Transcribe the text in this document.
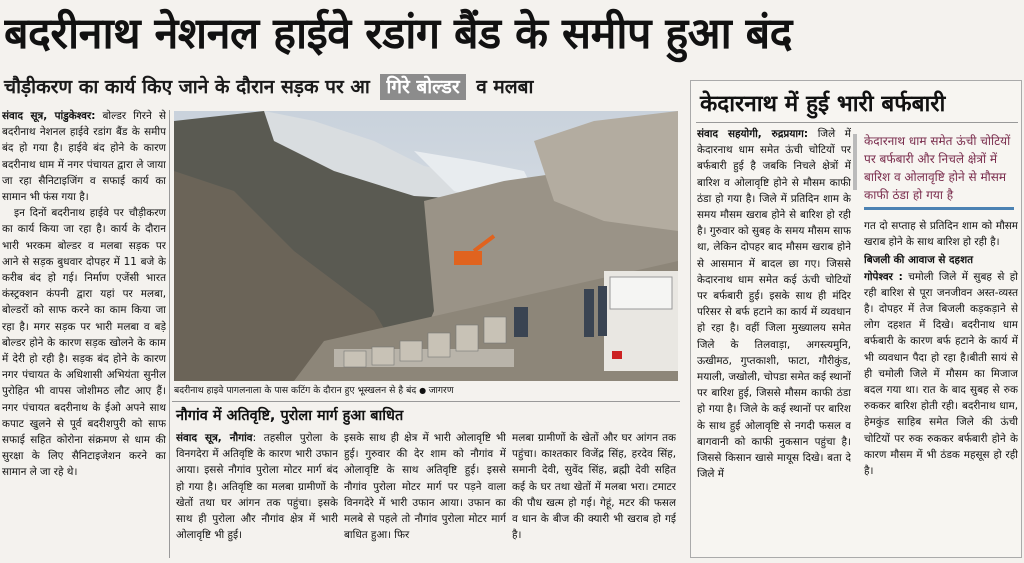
बदरीनाथ नेशनल हाईवे रडांग बैंड के समीप हुआ बंद
चौड़ीकरण का कार्य किए जाने के दौरान सड़क पर आ गिरे बोल्डर व मलबा

संवाद सूत्र, पांडुकेश्वर: बोल्डर गिरने से बदरीनाथ नेशनल हाईवे रडांग बैंड के समीप बंद हो गया है। हाईवे बंद होने के कारण बदरीनाथ धाम में नगर पंचायत द्वारा ले जाया जा रहा सैनिटाइजिंग व सफाई कार्य का सामान भी फंस गया है।

इन दिनों बदरीनाथ हाईवे पर चौड़ीकरण का कार्य किया जा रहा है। कार्य के दौरान भारी भरकम बोल्डर व मलबा सड़क पर आने से सड़क बुधवार दोपहर में 11 बजे के करीब बंद हो गई। निर्माण एजेंसी भारत कंस्ट्रक्शन कंपनी द्वारा यहां पर मलबा, बोल्डरों को साफ करने का काम किया जा रहा है। मगर सड़क पर भारी मलबा व बड़े बोल्डर होने के कारण सड़क खोलने के काम में देरी हो रही है। सड़क बंद होने के कारण नगर पंचायत के अधिशासी अभियंता सुनील पुरोहित भी वापस जोशीमठ लौट आए हैं। नगर पंचायत बदरीनाथ के ईओ अपने साथ कपाट खुलने से पूर्व बदरीशपुरी को साफ सफाई सहित कोरोना संक्रमण से धाम की सुरक्षा के लिए सैनिटाइजेशन करने का सामान ले जा रहे थे।

बदरीनाथ हाइवे पागलनाला के पास कटिंग के दौरान हुए भूस्खलन से है बंद ● जागरण
नौगांव में अतिवृष्टि, पुरोला मार्ग हुआ बाधित

संवाद सूत्र, नौगांव: तहसील पुरोला के विनगदेरा में अतिवृष्टि के कारण भारी उफान आया। इससे नौगांव पुरोला मोटर मार्ग बंद हो गया है। अतिवृष्टि का मलबा ग्रामीणों के खेतों तथा घर आंगन तक पहुंचा। इसके साथ ही पुरोला और नौगांव क्षेत्र में भारी ओलावृष्टि भी हुई।

इसके साथ ही क्षेत्र में भारी ओलावृष्टि भी हुई। गुरुवार की देर शाम को नौगांव में ओलावृष्टि के साथ अतिवृष्टि हुई। इससे नौगांव पुरोला मोटर मार्ग पर पड़ने वाला विनगदेरे में भारी उफान आया। उफान का मलबे से पहले तो नौगांव पुरोला मोटर मार्ग बाधित हुआ। फिर

मलबा ग्रामीणों के खेतों और घर आंगन तक पहुंचा। काश्तकार विजेंद्र सिंह, हरदेव सिंह, समानी देवी, सुवेंद सिंह, ब्रह्मी देवी सहित कई के घर तथा खेतों में मलबा भरा। टमाटर की पौध खत्म हो गई। गेहूं, मटर की फसल व धान के बीज की क्यारी भी खराब हो गई है।

केदारनाथ में हुई भारी बर्फबारी

संवाद सहयोगी, रुद्रप्रयाग: जिले में केदारनाथ धाम समेत ऊंची चोटियों पर बर्फबारी हुई है जबकि निचले क्षेत्रों में बारिश व ओलावृष्टि होने से मौसम काफी ठंडा हो गया है। जिले में प्रतिदिन शाम के समय मौसम खराब होने से बारिश हो रही है। गुरुवार को सुबह के समय मौसम साफ था, लेकिन दोपहर बाद मौसम खराब होने से आसमान में बादल छा गए। जिससे केदारनाथ धाम समेत कई ऊंची चोटियों पर बर्फबारी हुई। इसके साथ ही मंदिर परिसर से बर्फ हटाने का कार्य में व्यवधान हो रहा है। वहीं जिला मुख्यालय समेत जिले के तिलवाड़ा, अगस्त्यमुनि, ऊखीमठ, गुप्तकाशी, फाटा, गौरीकुंड, मयाली, जखोली, चोपडा समेत कई स्थानों पर बारिश हुई, जिससे मौसम काफी ठंडा हो गया है। जिले के कई स्थानों पर बारिश के साथ हुई ओलावृष्टि से नगदी फसल व बागवानी को काफी नुकसान पहुंचा है। जिससे किसान खासे मायूस दिखे। बता दे जिले में

केदारनाथ धाम समेत ऊंची चोटियों पर बर्फबारी और निचले क्षेत्रों में बारिश व ओलावृष्टि होने से मौसम काफी ठंडा हो गया है

गत दो सप्ताह से प्रतिदिन शाम को मौसम खराब होने के साथ बारिश हो रही है।

बिजली की आवाज से दहशत

गोपेश्वर : चमोली जिले में सुबह से हो रही बारिश से पूरा जनजीवन अस्त-व्यस्त है। दोपहर में तेज बिजली कड़कड़ाने से लोग दहशत में दिखे। बदरीनाथ धाम बर्फबारी के कारण बर्फ हटाने के कार्य में भी व्यवधान पैदा हो रहा है।बीती सायं से ही चमोली जिले में मौसम का मिजाज बदल गया था। रात के बाद सुबह से रुक रुककर बारिश होती रही। बदरीनाथ धाम, हेमकुंड साहिब समेत जिले की ऊंची चोटियों पर रुक रुककर बर्फबारी होने के कारण मौसम में भी ठंडक महसूस हो रही है।
